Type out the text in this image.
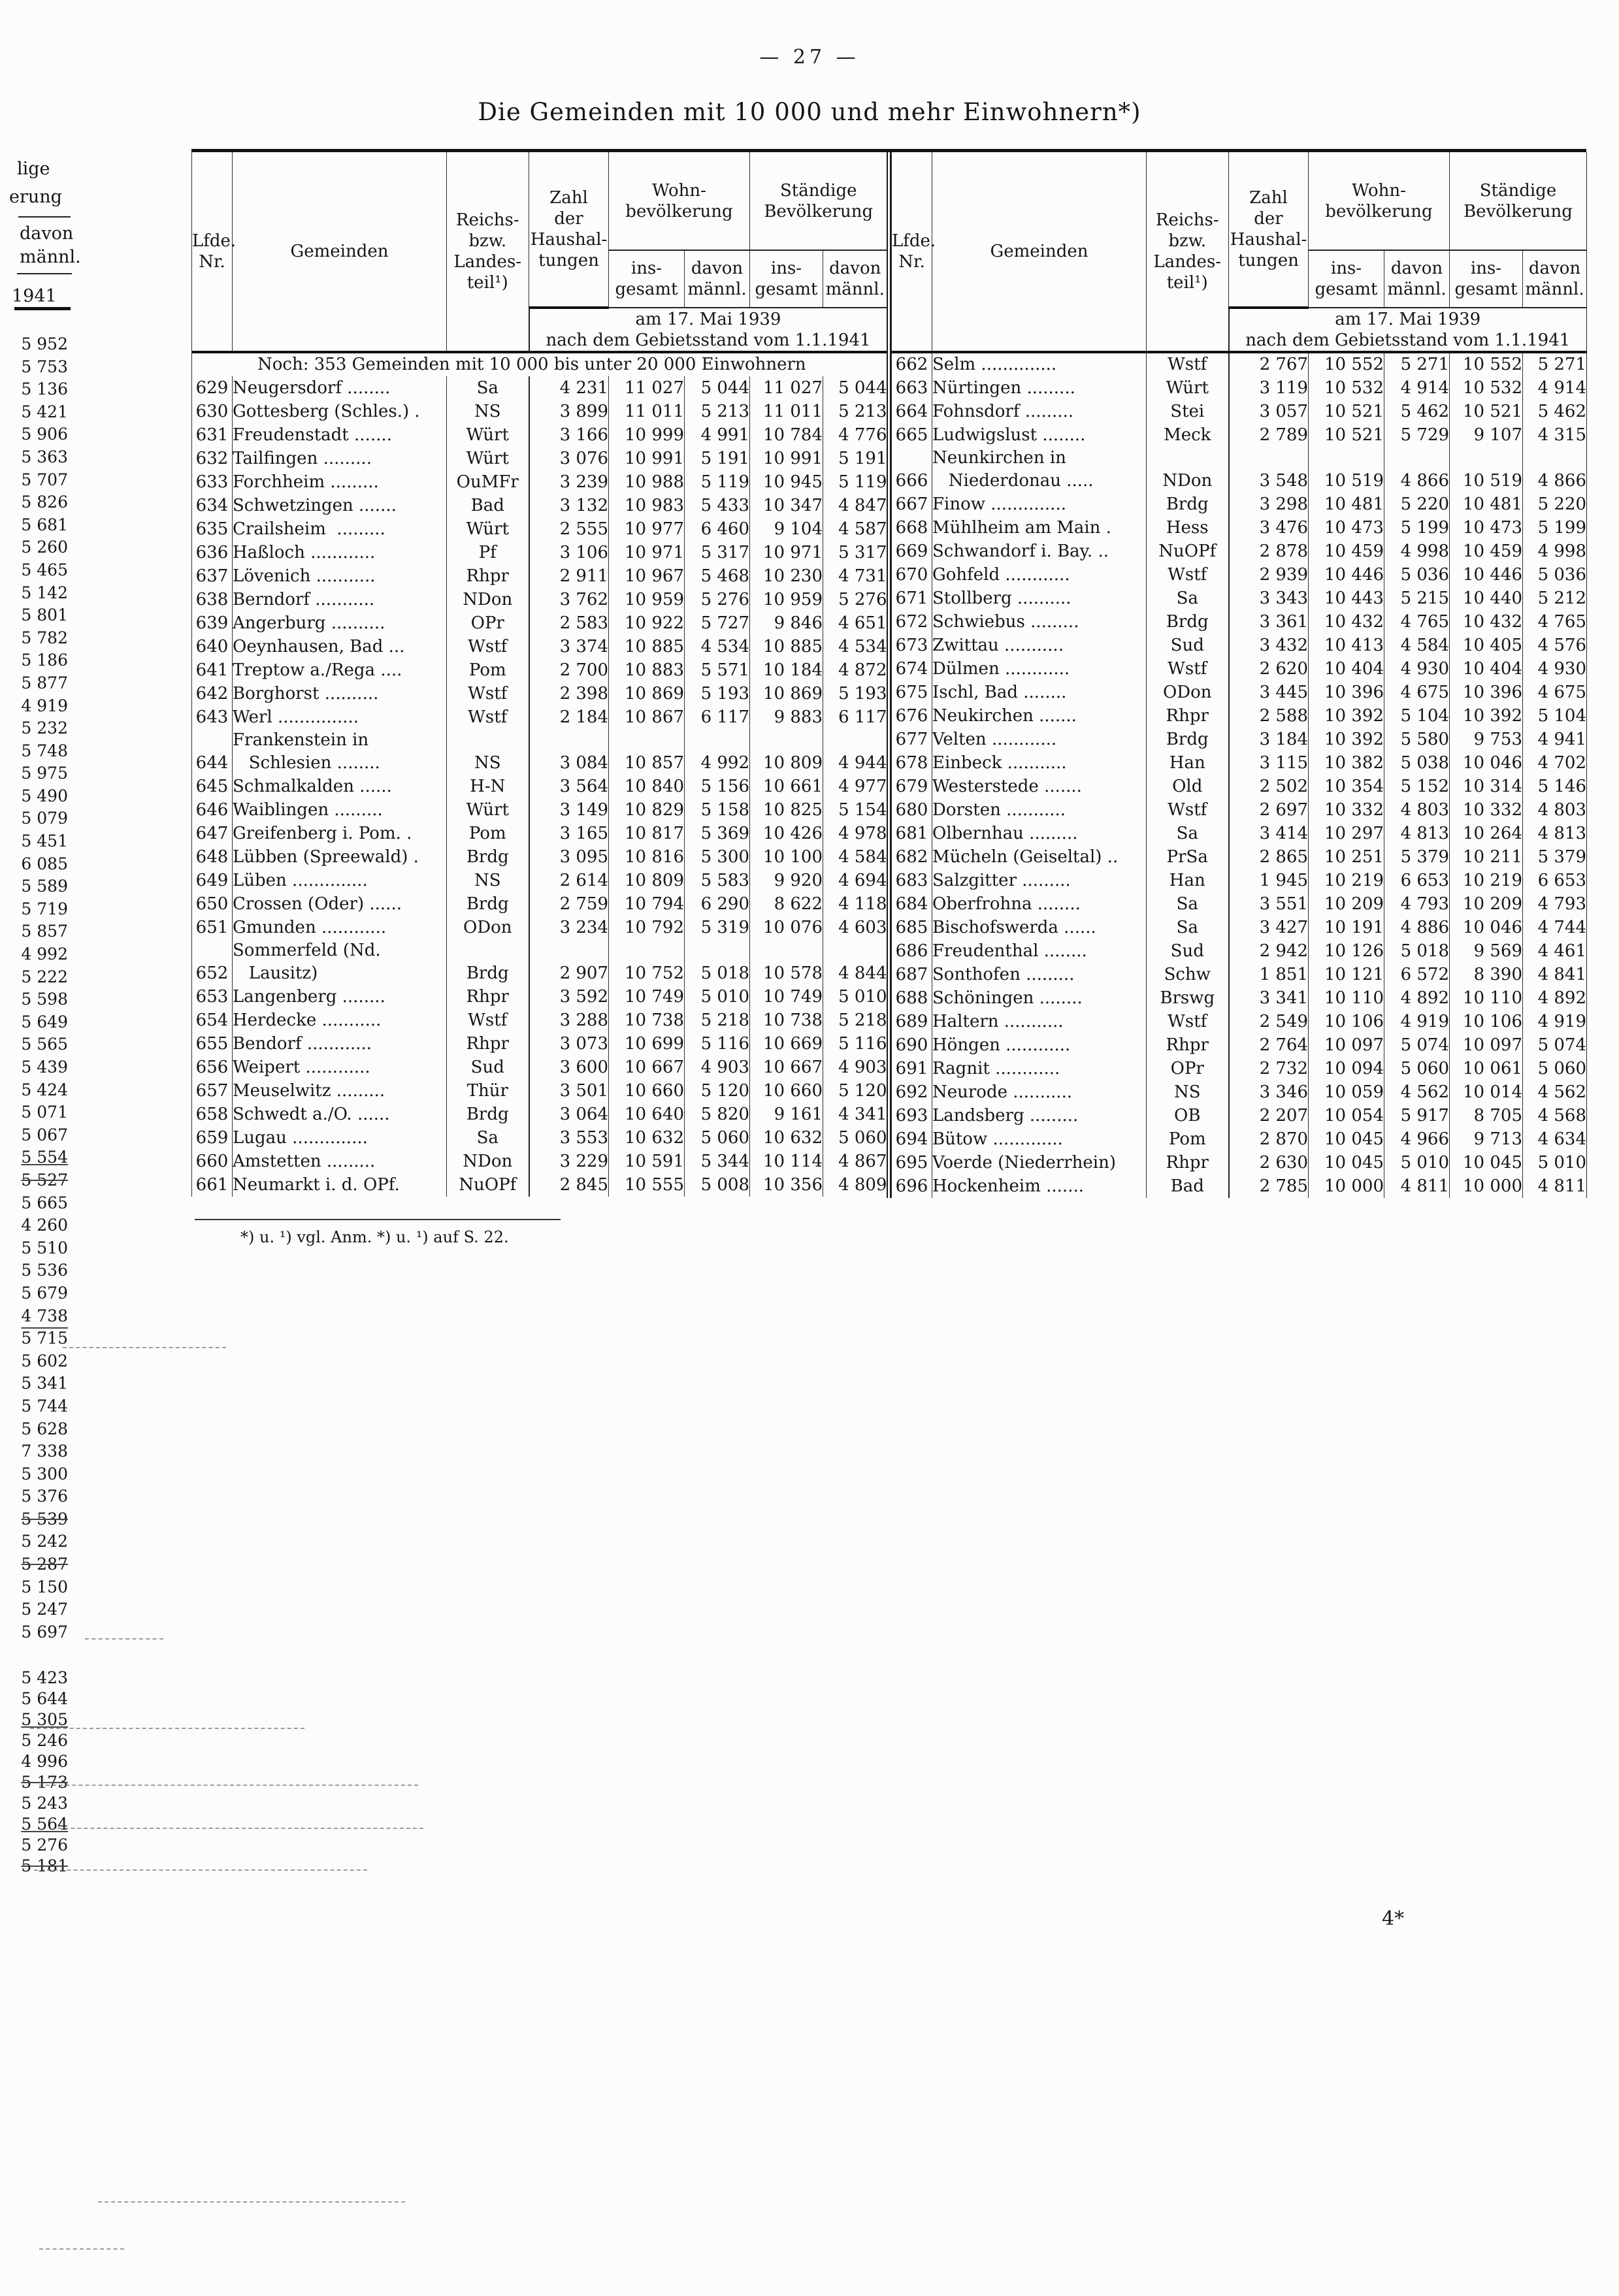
— 27 —
Die Gemeinden mit 10 000 und mehr Einwohnern*)
lige
erung
davon
männl.
1941
5 952
5 753
5 136
5 421
5 906
5 363
5 707
5 826
5 681
5 260
5 465
5 142
5 801
5 782
5 186
5 877
4 919
5 232
5 748
5 975
5 490
5 079
5 451
6 085
5 589
5 719
5 857
4 992
5 222
5 598
5 649
5 565
5 439
5 424
5 071
5 067
5 554
5 527
5 665
4 260
5 510
5 536
5 679
4 738
5 715
5 602
5 341
5 744
5 628
7 338
5 300
5 376
5 539
5 242
5 287
5 150
5 247
5 697
5 423
5 644
5 305
5 246
4 996
5 173
5 243
5 564
5 276
5 181
Lfde.
Nr.	Gemeinden	Reichs-
bzw.
Landes-
teil¹)	Zahl
der
Haushal-
tungen	Wohn-
bevölkerung		Ständige
Bevölkerung	
				ins-
gesamt	davon
männl.	ins-
gesamt	davon
männl.
			am 17. Mai 1939
nach dem Gebietsstand vom 1.1.1941				
Noch: 353 Gemeinden mit 10 000 bis unter 20 000 Einwohnern							
629	Neugersdorf ........	Sa	4 231	11 027	5 044	11 027	5 044
630	Gottesberg (Schles.) .	NS	3 899	11 011	5 213	11 011	5 213
631	Freudenstadt .......	Würt	3 166	10 999	4 991	10 784	4 776
632	Tailfingen .........	Würt	3 076	10 991	5 191	10 991	5 191
633	Forchheim .........	OuMFr	3 239	10 988	5 119	10 945	5 119
634	Schwetzingen .......	Bad	3 132	10 983	5 433	10 347	4 847
635	Crailsheim  .........	Würt	2 555	10 977	6 460	9 104	4 587
636	Haßloch ............	Pf	3 106	10 971	5 317	10 971	5 317
637	Lövenich ...........	Rhpr	2 911	10 967	5 468	10 230	4 731
638	Berndorf ...........	NDon	3 762	10 959	5 276	10 959	5 276
639	Angerburg ..........	OPr	2 583	10 922	5 727	9 846	4 651
640	Oeynhausen, Bad ...	Wstf	3 374	10 885	4 534	10 885	4 534
641	Treptow a./Rega ....	Pom	2 700	10 883	5 571	10 184	4 872
642	Borghorst ..........	Wstf	2 398	10 869	5 193	10 869	5 193
643	Werl ...............	Wstf	2 184	10 867	6 117	9 883	6 117
644	Frankenstein in
Schlesien ........	NS	3 084	10 857	4 992	10 809	4 944
645	Schmalkalden ......	H-N	3 564	10 840	5 156	10 661	4 977
646	Waiblingen .........	Würt	3 149	10 829	5 158	10 825	5 154
647	Greifenberg i. Pom. .	Pom	3 165	10 817	5 369	10 426	4 978
648	Lübben (Spreewald) .	Brdg	3 095	10 816	5 300	10 100	4 584
649	Lüben ..............	NS	2 614	10 809	5 583	9 920	4 694
650	Crossen (Oder) ......	Brdg	2 759	10 794	6 290	8 622	4 118
651	Gmunden ............	ODon	3 234	10 792	5 319	10 076	4 603
652	Sommerfeld (Nd.
Lausitz)	Brdg	2 907	10 752	5 018	10 578	4 844
653	Langenberg ........	Rhpr	3 592	10 749	5 010	10 749	5 010
654	Herdecke ...........	Wstf	3 288	10 738	5 218	10 738	5 218
655	Bendorf ............	Rhpr	3 073	10 699	5 116	10 669	5 116
656	Weipert ............	Sud	3 600	10 667	4 903	10 667	4 903
657	Meuselwitz .........	Thür	3 501	10 660	5 120	10 660	5 120
658	Schwedt a./O. ......	Brdg	3 064	10 640	5 820	9 161	4 341
659	Lugau ..............	Sa	3 553	10 632	5 060	10 632	5 060
660	Amstetten .........	NDon	3 229	10 591	5 344	10 114	4 867
661	Neumarkt i. d. OPf.	NuOPf	2 845	10 555	5 008	10 356	4 809
Lfde.
Nr.	Gemeinden	Reichs-
bzw.
Landes-
teil¹)	Zahl
der
Haushal-
tungen	Wohn-
bevölkerung		Ständige
Bevölkerung	
				ins-
gesamt	davon
männl.	ins-
gesamt	davon
männl.
			am 17. Mai 1939
nach dem Gebietsstand vom 1.1.1941				
662	Selm ..............	Wstf	2 767	10 552	5 271	10 552	5 271
663	Nürtingen .........	Würt	3 119	10 532	4 914	10 532	4 914
664	Fohnsdorf .........	Stei	3 057	10 521	5 462	10 521	5 462
665	Ludwigslust ........	Meck	2 789	10 521	5 729	9 107	4 315
666	Neunkirchen in
Niederdonau .....	NDon	3 548	10 519	4 866	10 519	4 866
667	Finow ..............	Brdg	3 298	10 481	5 220	10 481	5 220
668	Mühlheim am Main .	Hess	3 476	10 473	5 199	10 473	5 199
669	Schwandorf i. Bay. ..	NuOPf	2 878	10 459	4 998	10 459	4 998
670	Gohfeld ............	Wstf	2 939	10 446	5 036	10 446	5 036
671	Stollberg ..........	Sa	3 343	10 443	5 215	10 440	5 212
672	Schwiebus .........	Brdg	3 361	10 432	4 765	10 432	4 765
673	Zwittau ...........	Sud	3 432	10 413	4 584	10 405	4 576
674	Dülmen ............	Wstf	2 620	10 404	4 930	10 404	4 930
675	Ischl, Bad ........	ODon	3 445	10 396	4 675	10 396	4 675
676	Neukirchen .......	Rhpr	2 588	10 392	5 104	10 392	5 104
677	Velten ............	Brdg	3 184	10 392	5 580	9 753	4 941
678	Einbeck ...........	Han	3 115	10 382	5 038	10 046	4 702
679	Westerstede .......	Old	2 502	10 354	5 152	10 314	5 146
680	Dorsten ...........	Wstf	2 697	10 332	4 803	10 332	4 803
681	Olbernhau .........	Sa	3 414	10 297	4 813	10 264	4 813
682	Mücheln (Geiseltal) ..	PrSa	2 865	10 251	5 379	10 211	5 379
683	Salzgitter .........	Han	1 945	10 219	6 653	10 219	6 653
684	Oberfrohna ........	Sa	3 551	10 209	4 793	10 209	4 793
685	Bischofswerda ......	Sa	3 427	10 191	4 886	10 046	4 744
686	Freudenthal ........	Sud	2 942	10 126	5 018	9 569	4 461
687	Sonthofen .........	Schw	1 851	10 121	6 572	8 390	4 841
688	Schöningen ........	Brswg	3 341	10 110	4 892	10 110	4 892
689	Haltern ...........	Wstf	2 549	10 106	4 919	10 106	4 919
690	Höngen ............	Rhpr	2 764	10 097	5 074	10 097	5 074
691	Ragnit ............	OPr	2 732	10 094	5 060	10 061	5 060
692	Neurode ...........	NS	3 346	10 059	4 562	10 014	4 562
693	Landsberg .........	OB	2 207	10 054	5 917	8 705	4 568
694	Bütow .............	Pom	2 870	10 045	4 966	9 713	4 634
695	Voerde (Niederrhein)	Rhpr	2 630	10 045	5 010	10 045	5 010
696	Hockenheim .......	Bad	2 785	10 000	4 811	10 000	4 811
*) u. ¹) vgl. Anm. *) u. ¹) auf S. 22.
4*
